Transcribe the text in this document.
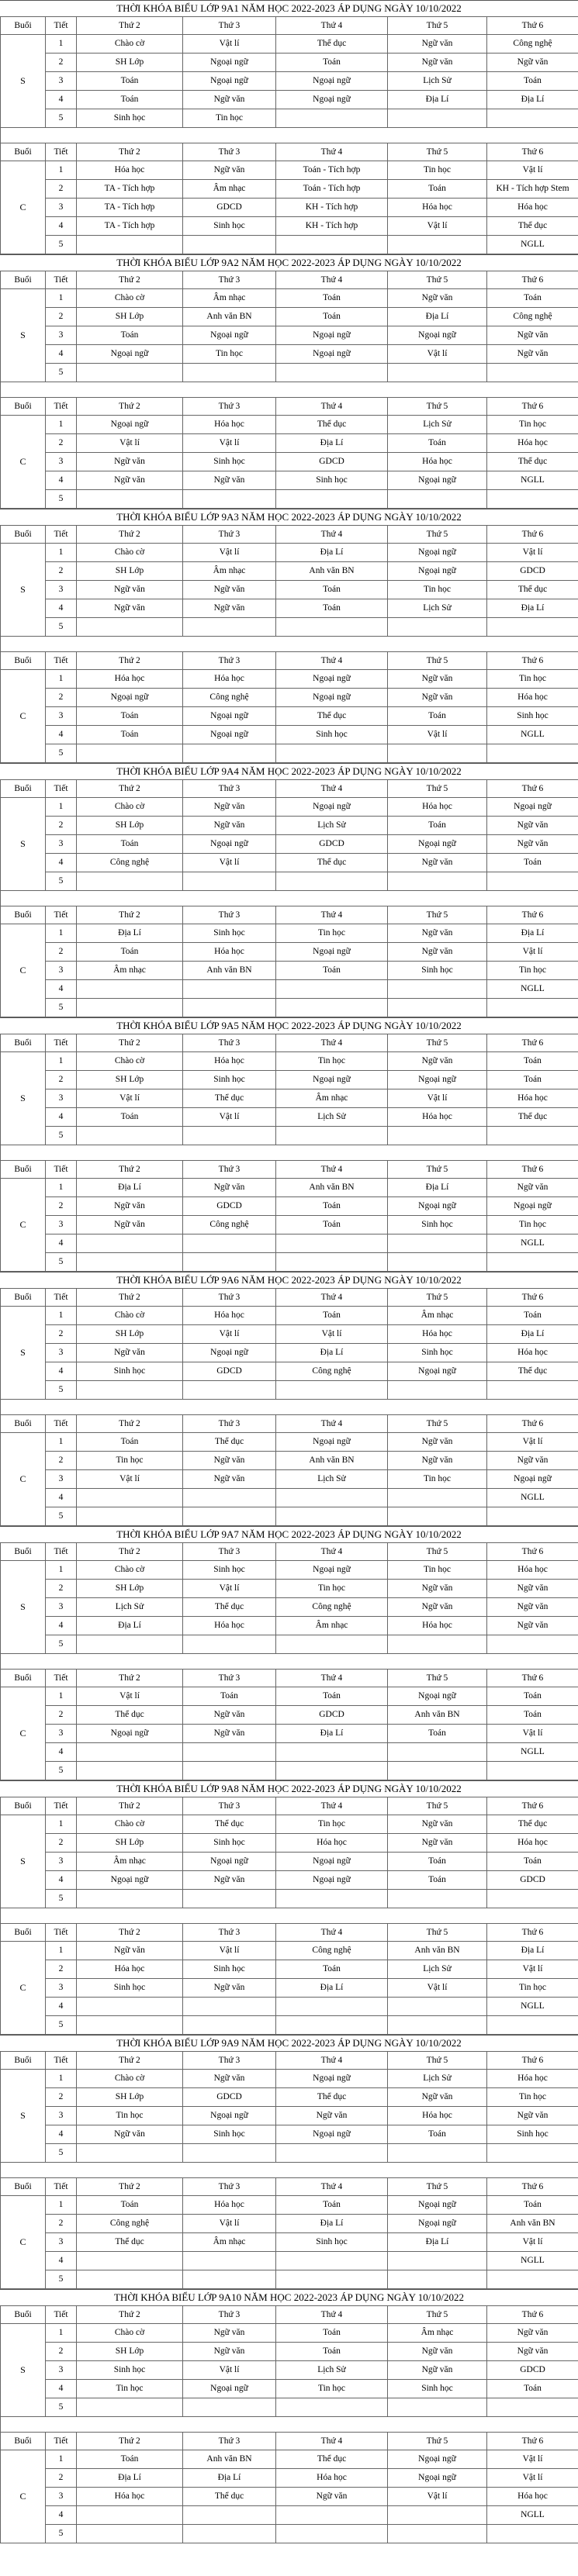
THỜI KHÓA BIỂU LỚP 9A1 NĂM HỌC 2022-2023 ÁP DỤNG NGÀY 10/10/2022
Buổi	Tiết	Thứ 2	Thứ 3	Thứ 4	Thứ 5	Thứ 6
S	1	Chào cờ	Vật lí	Thể dục	Ngữ văn	Công nghệ
	2	SH Lớp	Ngoại ngữ	Toán	Ngữ văn	Ngữ văn
	3	Toán	Ngoại ngữ	Ngoại ngữ	Lịch Sử	Toán
	4	Toán	Ngữ văn	Ngoại ngữ	Địa Lí	Địa Lí
	5	Sinh học	Tin học			

Buổi	Tiết	Thứ 2	Thứ 3	Thứ 4	Thứ 5	Thứ 6
C	1	Hóa học	Ngữ văn	Toán - Tích hợp	Tin học	Vật lí
	2	TA - Tích hợp	Âm nhạc	Toán - Tích hợp	Toán	KH - Tích hợp Stem
	3	TA - Tích hợp	GDCD	KH - Tích hợp	Hóa học	Hóa học
	4	TA - Tích hợp	Sinh học	KH - Tích hợp	Vật lí	Thể dục
	5					NGLL
THỜI KHÓA BIỂU LỚP 9A2 NĂM HỌC 2022-2023 ÁP DỤNG NGÀY 10/10/2022
Buổi	Tiết	Thứ 2	Thứ 3	Thứ 4	Thứ 5	Thứ 6
S	1	Chào cờ	Âm nhạc	Toán	Ngữ văn	Toán
	2	SH Lớp	Anh văn BN	Toán	Địa Lí	Công nghệ
	3	Toán	Ngoại ngữ	Ngoại ngữ	Ngoại ngữ	Ngữ văn
	4	Ngoại ngữ	Tin học	Ngoại ngữ	Vật lí	Ngữ văn
	5					

Buổi	Tiết	Thứ 2	Thứ 3	Thứ 4	Thứ 5	Thứ 6
C	1	Ngoại ngữ	Hóa học	Thể dục	Lịch Sử	Tin học
	2	Vật lí	Vật lí	Địa Lí	Toán	Hóa học
	3	Ngữ văn	Sinh học	GDCD	Hóa học	Thể dục
	4	Ngữ văn	Ngữ văn	Sinh học	Ngoại ngữ	NGLL
	5					
THỜI KHÓA BIỂU LỚP 9A3 NĂM HỌC 2022-2023 ÁP DỤNG NGÀY 10/10/2022
Buổi	Tiết	Thứ 2	Thứ 3	Thứ 4	Thứ 5	Thứ 6
S	1	Chào cờ	Vật lí	Địa Lí	Ngoại ngữ	Vật lí
	2	SH Lớp	Âm nhạc	Anh văn BN	Ngoại ngữ	GDCD
	3	Ngữ văn	Ngữ văn	Toán	Tin học	Thể dục
	4	Ngữ văn	Ngữ văn	Toán	Lịch Sử	Địa Lí
	5					

Buổi	Tiết	Thứ 2	Thứ 3	Thứ 4	Thứ 5	Thứ 6
C	1	Hóa học	Hóa học	Ngoại ngữ	Ngữ văn	Tin học
	2	Ngoại ngữ	Công nghệ	Ngoại ngữ	Ngữ văn	Hóa học
	3	Toán	Ngoại ngữ	Thể dục	Toán	Sinh học
	4	Toán	Ngoại ngữ	Sinh học	Vật lí	NGLL
	5					
THỜI KHÓA BIỂU LỚP 9A4 NĂM HỌC 2022-2023 ÁP DỤNG NGÀY 10/10/2022
Buổi	Tiết	Thứ 2	Thứ 3	Thứ 4	Thứ 5	Thứ 6
S	1	Chào cờ	Ngữ văn	Ngoại ngữ	Hóa học	Ngoại ngữ
	2	SH Lớp	Ngữ văn	Lịch Sử	Toán	Ngữ văn
	3	Toán	Ngoại ngữ	GDCD	Ngoại ngữ	Ngữ văn
	4	Công nghệ	Vật lí	Thể dục	Ngữ văn	Toán
	5					

Buổi	Tiết	Thứ 2	Thứ 3	Thứ 4	Thứ 5	Thứ 6
C	1	Địa Lí	Sinh học	Tin học	Ngữ văn	Địa Lí
	2	Toán	Hóa học	Ngoại ngữ	Ngữ văn	Vật lí
	3	Âm nhạc	Anh văn BN	Toán	Sinh học	Tin học
	4					NGLL
	5					
THỜI KHÓA BIỂU LỚP 9A5 NĂM HỌC 2022-2023 ÁP DỤNG NGÀY 10/10/2022
Buổi	Tiết	Thứ 2	Thứ 3	Thứ 4	Thứ 5	Thứ 6
S	1	Chào cờ	Hóa học	Tin học	Ngữ văn	Toán
	2	SH Lớp	Sinh học	Ngoại ngữ	Ngoại ngữ	Toán
	3	Vật lí	Thể dục	Âm nhạc	Vật lí	Hóa học
	4	Toán	Vật lí	Lịch Sử	Hóa học	Thể dục
	5					

Buổi	Tiết	Thứ 2	Thứ 3	Thứ 4	Thứ 5	Thứ 6
C	1	Địa Lí	Ngữ văn	Anh văn BN	Địa Lí	Ngữ văn
	2	Ngữ văn	GDCD	Toán	Ngoại ngữ	Ngoại ngữ
	3	Ngữ văn	Công nghệ	Toán	Sinh học	Tin học
	4					NGLL
	5					
THỜI KHÓA BIỂU LỚP 9A6 NĂM HỌC 2022-2023 ÁP DỤNG NGÀY 10/10/2022
Buổi	Tiết	Thứ 2	Thứ 3	Thứ 4	Thứ 5	Thứ 6
S	1	Chào cờ	Hóa học	Toán	Âm nhạc	Toán
	2	SH Lớp	Vật lí	Vật lí	Hóa học	Địa Lí
	3	Ngữ văn	Ngoại ngữ	Địa Lí	Sinh học	Hóa học
	4	Sinh học	GDCD	Công nghệ	Ngoại ngữ	Thể dục
	5					

Buổi	Tiết	Thứ 2	Thứ 3	Thứ 4	Thứ 5	Thứ 6
C	1	Toán	Thể dục	Ngoại ngữ	Ngữ văn	Vật lí
	2	Tin học	Ngữ văn	Anh văn BN	Ngữ văn	Ngữ văn
	3	Vật lí	Ngữ văn	Lịch Sử	Tin học	Ngoại ngữ
	4					NGLL
	5					
THỜI KHÓA BIỂU LỚP 9A7 NĂM HỌC 2022-2023 ÁP DỤNG NGÀY 10/10/2022
Buổi	Tiết	Thứ 2	Thứ 3	Thứ 4	Thứ 5	Thứ 6
S	1	Chào cờ	Sinh học	Ngoại ngữ	Tin học	Hóa học
	2	SH Lớp	Vật lí	Tin học	Ngữ văn	Ngữ văn
	3	Lịch Sử	Thể dục	Công nghệ	Ngữ văn	Ngữ văn
	4	Địa Lí	Hóa học	Âm nhạc	Hóa học	Ngữ văn
	5					

Buổi	Tiết	Thứ 2	Thứ 3	Thứ 4	Thứ 5	Thứ 6
C	1	Vật lí	Toán	Toán	Ngoại ngữ	Toán
	2	Thể dục	Ngữ văn	GDCD	Anh văn BN	Toán
	3	Ngoại ngữ	Ngữ văn	Địa Lí	Toán	Vật lí
	4					NGLL
	5					
THỜI KHÓA BIỂU LỚP 9A8 NĂM HỌC 2022-2023 ÁP DỤNG NGÀY 10/10/2022
Buổi	Tiết	Thứ 2	Thứ 3	Thứ 4	Thứ 5	Thứ 6
S	1	Chào cờ	Thể dục	Tin học	Ngữ văn	Thể dục
	2	SH Lớp	Sinh học	Hóa học	Ngữ văn	Hóa học
	3	Âm nhạc	Ngoại ngữ	Ngoại ngữ	Toán	Toán
	4	Ngoại ngữ	Ngữ văn	Ngoại ngữ	Toán	GDCD
	5					

Buổi	Tiết	Thứ 2	Thứ 3	Thứ 4	Thứ 5	Thứ 6
C	1	Ngữ văn	Vật lí	Công nghệ	Anh văn BN	Địa Lí
	2	Hóa học	Sinh học	Toán	Lịch Sử	Vật lí
	3	Sinh học	Ngữ văn	Địa Lí	Vật lí	Tin học
	4					NGLL
	5					
THỜI KHÓA BIỂU LỚP 9A9 NĂM HỌC 2022-2023 ÁP DỤNG NGÀY 10/10/2022
Buổi	Tiết	Thứ 2	Thứ 3	Thứ 4	Thứ 5	Thứ 6
S	1	Chào cờ	Ngữ văn	Ngoại ngữ	Lịch Sử	Hóa học
	2	SH Lớp	GDCD	Thể dục	Ngữ văn	Tin học
	3	Tin học	Ngoại ngữ	Ngữ văn	Hóa học	Ngữ văn
	4	Ngữ văn	Sinh học	Ngoại ngữ	Toán	Sinh học
	5					

Buổi	Tiết	Thứ 2	Thứ 3	Thứ 4	Thứ 5	Thứ 6
C	1	Toán	Hóa học	Toán	Ngoại ngữ	Toán
	2	Công nghệ	Vật lí	Địa Lí	Ngoại ngữ	Anh văn BN
	3	Thể dục	Âm nhạc	Sinh học	Địa Lí	Vật lí
	4					NGLL
	5					
THỜI KHÓA BIỂU LỚP 9A10 NĂM HỌC 2022-2023 ÁP DỤNG NGÀY 10/10/2022
Buổi	Tiết	Thứ 2	Thứ 3	Thứ 4	Thứ 5	Thứ 6
S	1	Chào cờ	Ngữ văn	Toán	Âm nhạc	Ngữ văn
	2	SH Lớp	Ngữ văn	Toán	Ngữ văn	Ngữ văn
	3	Sinh học	Vật lí	Lịch Sử	Ngữ văn	GDCD
	4	Tin học	Ngoại ngữ	Tin học	Sinh học	Toán
	5					

Buổi	Tiết	Thứ 2	Thứ 3	Thứ 4	Thứ 5	Thứ 6
C	1	Toán	Anh văn BN	Thể dục	Ngoại ngữ	Vật lí
	2	Địa Lí	Địa Lí	Hóa học	Ngoại ngữ	Vật lí
	3	Hóa học	Thể dục	Ngữ văn	Vật lí	Hóa học
	4					NGLL
	5					
